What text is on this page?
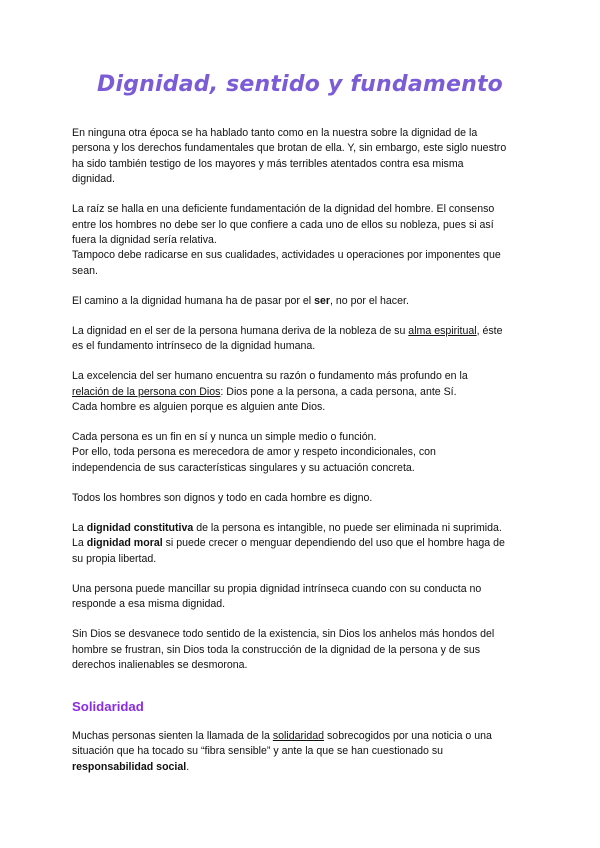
Dignidad, sentido y fundamento

En ninguna otra época se ha hablado tanto como en la nuestra sobre la dignidad de la
persona y los derechos fundamentales que brotan de ella. Y, sin embargo, este siglo nuestro
ha sido también testigo de los mayores y más terribles atentados contra esa misma
dignidad.

La raíz se halla en una deficiente fundamentación de la dignidad del hombre. El consenso
entre los hombres no debe ser lo que confiere a cada uno de ellos su nobleza, pues si así
fuera la dignidad sería relativa.
Tampoco debe radicarse en sus cualidades, actividades u operaciones por imponentes que
sean.

El camino a la dignidad humana ha de pasar por el ser, no por el hacer.

La dignidad en el ser de la persona humana deriva de la nobleza de su alma espiritual, éste
es el fundamento intrínseco de la dignidad humana.

La excelencia del ser humano encuentra su razón o fundamento más profundo en la
relación de la persona con Dios: Dios pone a la persona, a cada persona, ante Sí.
Cada hombre es alguien porque es alguien ante Dios.

Cada persona es un fin en sí y nunca un simple medio o función.
Por ello, toda persona es merecedora de amor y respeto incondicionales, con
independencia de sus características singulares y su actuación concreta.

Todos los hombres son dignos y todo en cada hombre es digno.

La dignidad constitutiva de la persona es intangible, no puede ser eliminada ni suprimida.
La dignidad moral si puede crecer o menguar dependiendo del uso que el hombre haga de
su propia libertad.

Una persona puede mancillar su propia dignidad intrínseca cuando con su conducta no
responde a esa misma dignidad.

Sin Dios se desvanece todo sentido de la existencia, sin Dios los anhelos más hondos del
hombre se frustran, sin Dios toda la construcción de la dignidad de la persona y de sus
derechos inalienables se desmorona.

Solidaridad

Muchas personas sienten la llamada de la solidaridad sobrecogidos por una noticia o una
situación que ha tocado su “fibra sensible” y ante la que se han cuestionado su
responsabilidad social.
